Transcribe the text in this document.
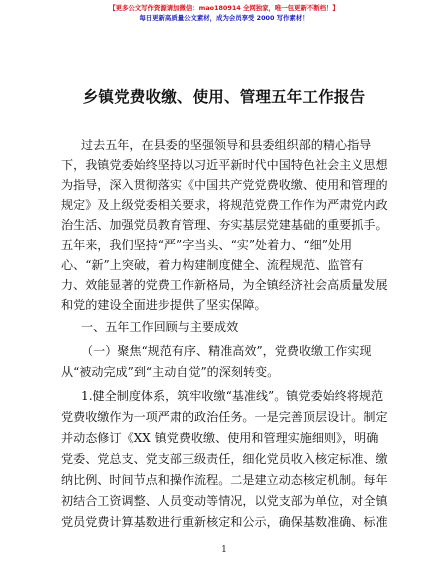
【更多公文写作资源请加微信：mao180914 全网独家，唯一包更新不断档！】
每日更新高质量公文素材，成为会员享受 2000 写作素材！
乡镇党费收缴、使用、管理五年工作报告
过去五年，在县委的坚强领导和县委组织部的精心指导
下，我镇党委始终坚持以习近平新时代中国特色社会主义思想
为指导，深入贯彻落实《中国共产党党费收缴、使用和管理的
规定》及上级党委相关要求，将规范党费工作作为严肃党内政
治生活、加强党员教育管理、夯实基层党建基础的重要抓手。
五年来，我们坚持“严”字当头、“实”处着力、“细”处用
心、“新”上突破，着力构建制度健全、流程规范、监管有
力、效能显著的党费工作新格局，为全镇经济社会高质量发展
和党的建设全面进步提供了坚实保障。
一、五年工作回顾与主要成效
（一）聚焦“规范有序、精准高效”，党费收缴工作实现
从“被动完成”到“主动自觉”的深刻转变。
1.健全制度体系，筑牢收缴“基准线”。镇党委始终将规范
党费收缴作为一项严肃的政治任务。一是完善顶层设计。制定
并动态修订《XX 镇党费收缴、使用和管理实施细则》，明确
党委、党总支、党支部三级责任，细化党员收入核定标准、缴
纳比例、时间节点和操作流程。二是建立动态核定机制。每年
初结合工资调整、人员变动等情况，以党支部为单位，对全镇
党员党费计算基数进行重新核定和公示，确保基数准确、标准
1
